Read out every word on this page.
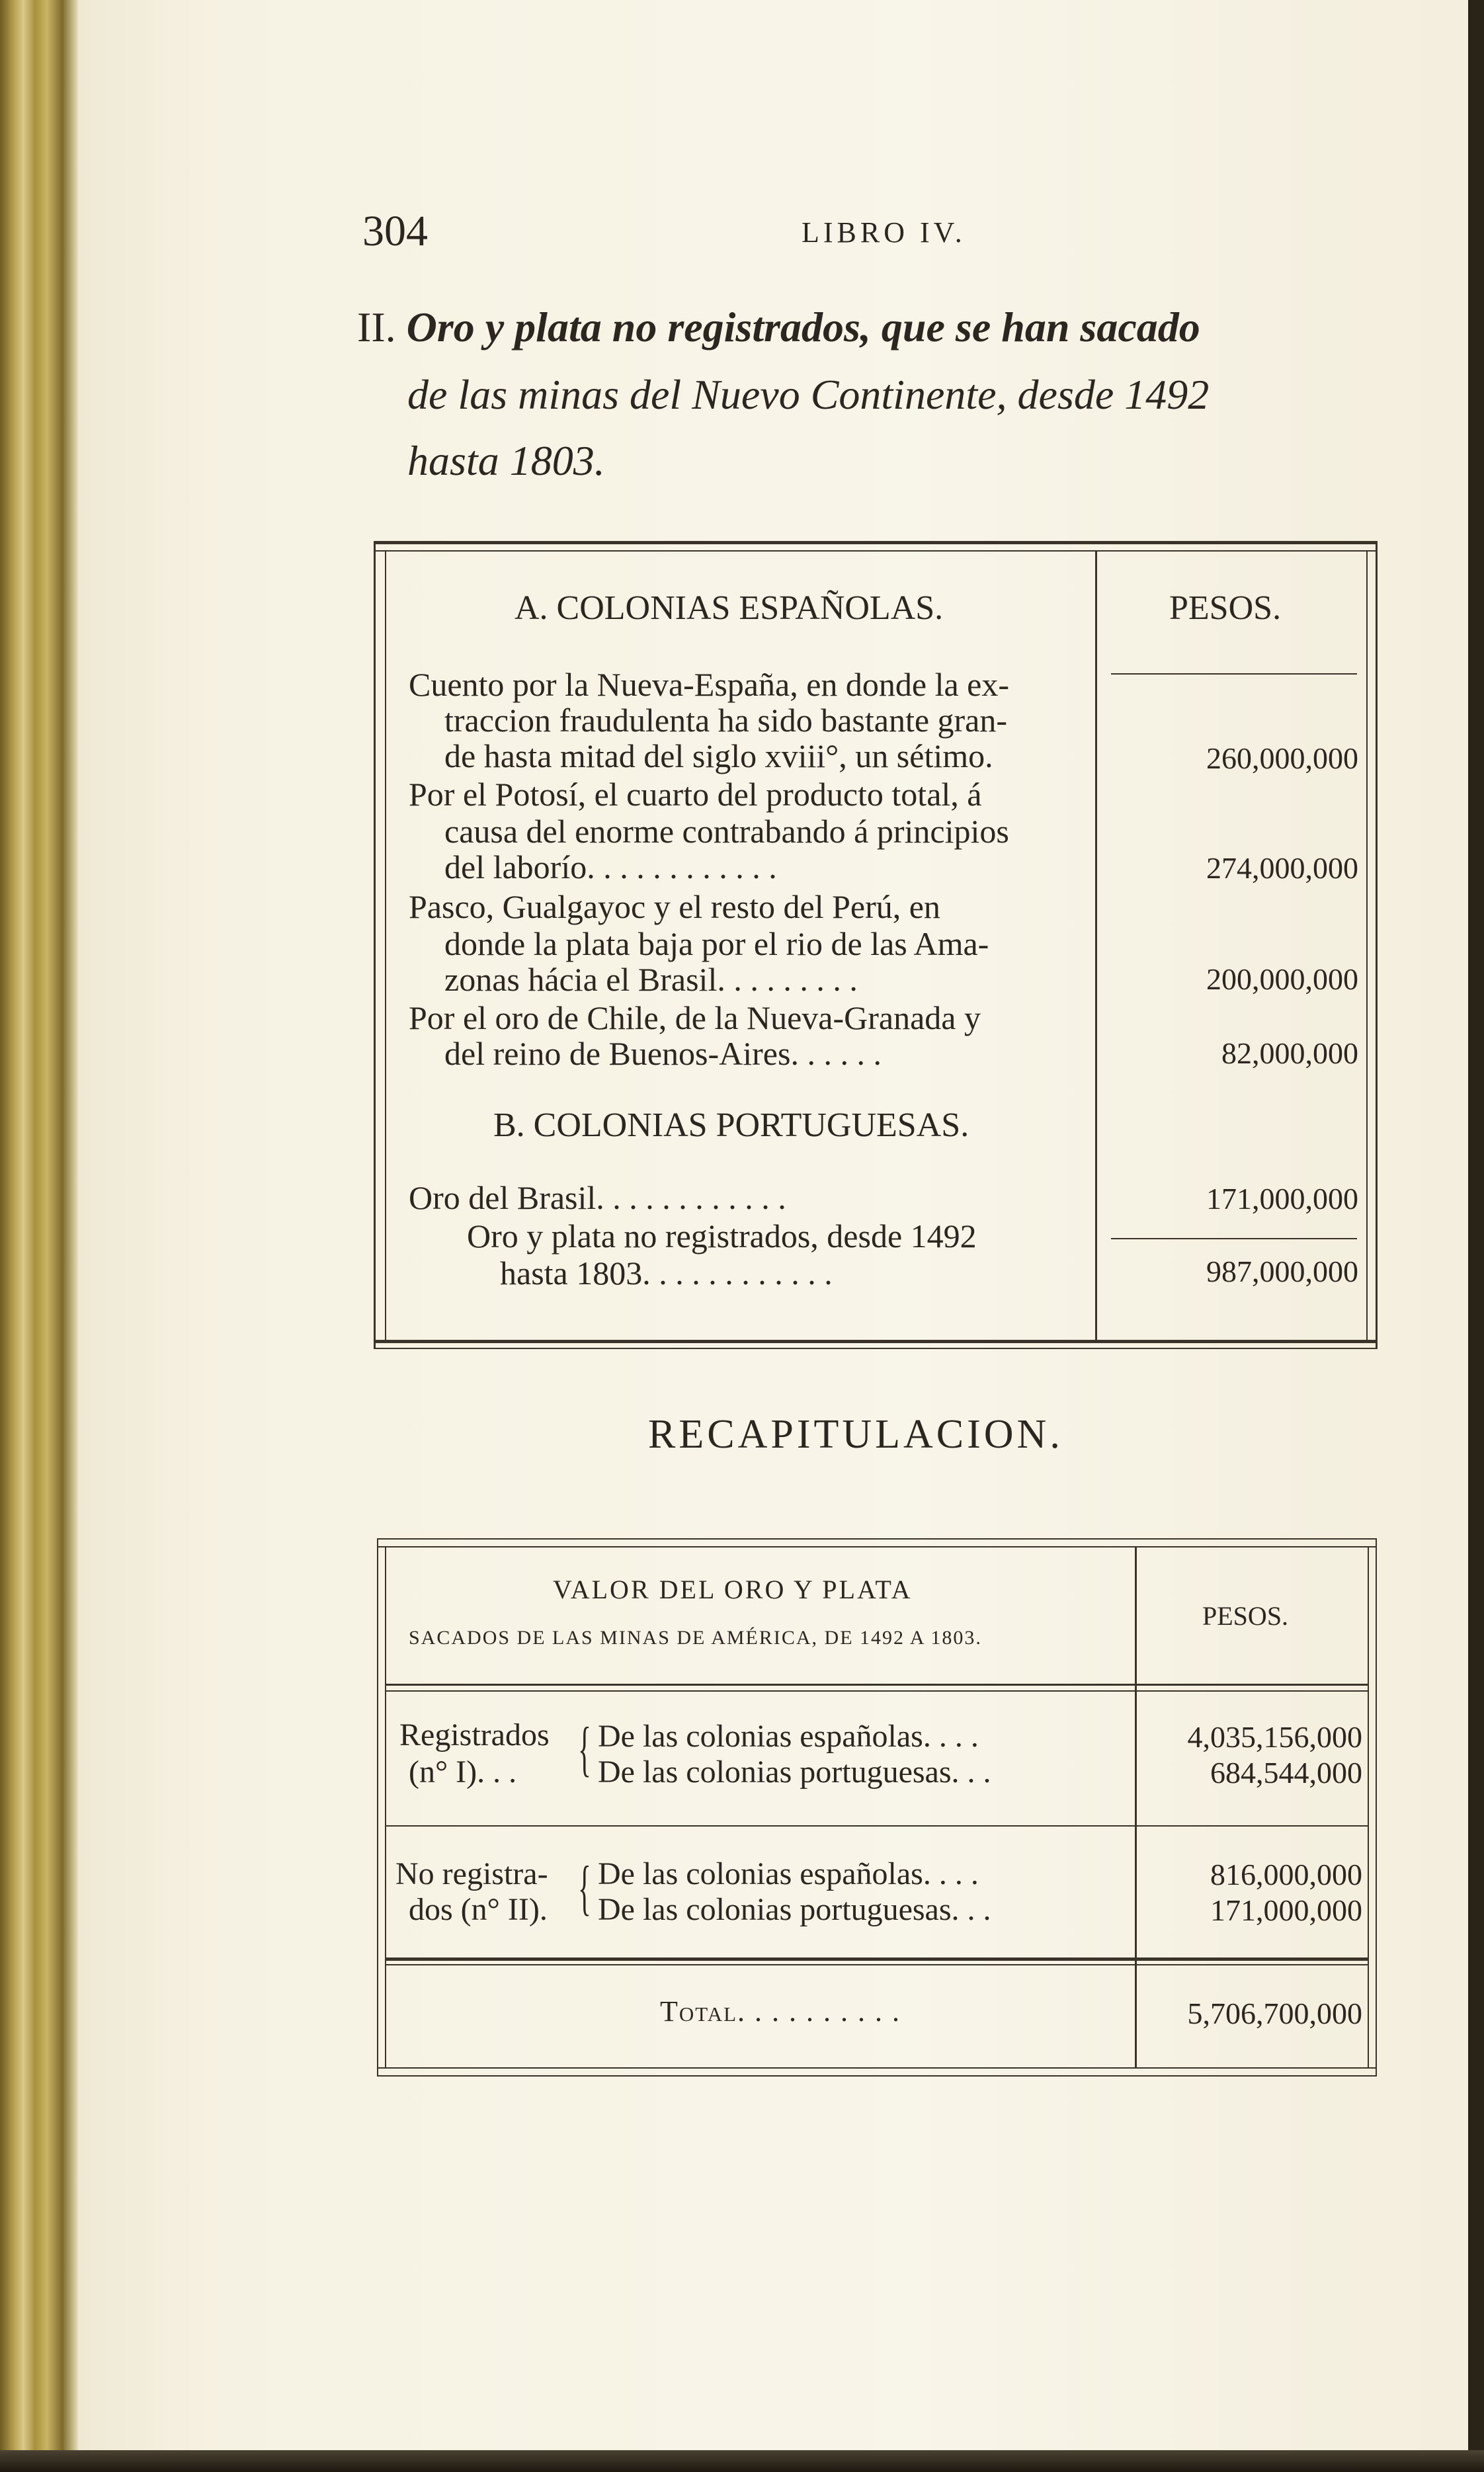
304	LIBRO IV.
II. Oro y plata no registrados, que se han sacado
de las minas del Nuevo Continente, desde 1492
hasta 1803.
A. COLONIAS ESPAÑOLAS.	PESOS.
Cuento por la Nueva-España, en donde la ex-
traccion fraudulenta ha sido bastante gran-
de hasta mitad del siglo xviii°, un sétimo.	260,000,000
Por el Potosí, el cuarto del producto total, á
causa del enorme contrabando á principios
del laborío. . . . . . . . . . . .	274,000,000
Pasco, Gualgayoc y el resto del Perú, en
donde la plata baja por el rio de las Ama-
zonas hácia el Brasil. . . . . . . . .	200,000,000
Por el oro de Chile, de la Nueva-Granada y
del reino de Buenos-Aires. . . . . .	82,000,000
B. COLONIAS PORTUGUESAS.
Oro del Brasil. . . . . . . . . . . .	171,000,000
Oro y plata no registrados, desde 1492
hasta 1803. . . . . . . . . . . .	987,000,000
RECAPITULACION.
VALOR DEL ORO Y PLATA
SACADOS DE LAS MINAS DE AMÉRICA, DE 1492 A 1803.
PESOS.
Registrados
(n° I). . . { De las colonias españolas. . . .	4,035,156,000
De las colonias portuguesas. . .	684,544,000
No registra-
dos (n° II). { De las colonias españolas. . . .	816,000,000
De las colonias portuguesas. . .	171,000,000
Total. . . . . . . . . .	5,706,700,000
